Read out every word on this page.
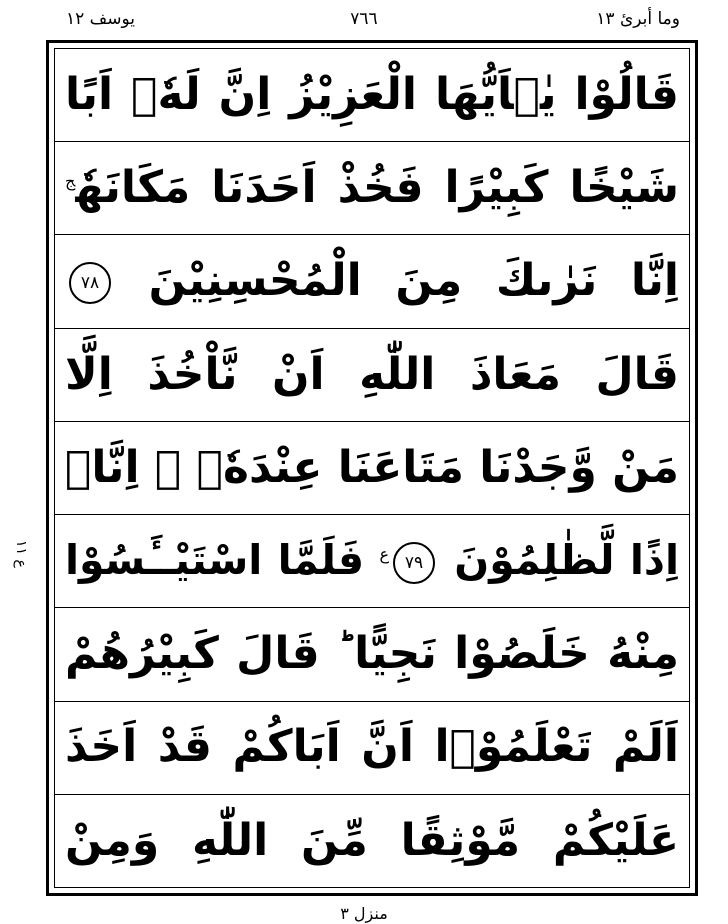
وما أبرئ ١٣
٧٦٦
يوسف ١٢
ع ١١
قَالُوْا يٰۤاَيُّهَا الْعَزِيْزُ اِنَّ لَهٗۤ اَبًا
شَيْخًا كَبِيْرًا فَخُذْ اَحَدَنَا مَكَانَهٗ$^ج$
اِنَّا نَرٰىكَ مِنَ الْمُحْسِنِيْنَ ٧٨
قَالَ مَعَاذَ اللّٰهِ اَنْ نَّاْخُذَ اِلَّا
مَنْ وَّجَدْنَا مَتَاعَنَا عِنْدَهٗۤ ۙ اِنَّاۤ
اِذًا لَّظٰلِمُوْنَ $٧٩^ع$ فَلَمَّا اسْتَيْــَٔسُوْا
مِنْهُ خَلَصُوْا نَجِيًّا ؕ قَالَ كَبِيْرُهُمْ
اَلَمْ تَعْلَمُوْۤا اَنَّ اَبَاكُمْ قَدْ اَخَذَ
عَلَيْكُمْ مَّوْثِقًا مِّنَ اللّٰهِ وَمِنْ
منزل ٣
